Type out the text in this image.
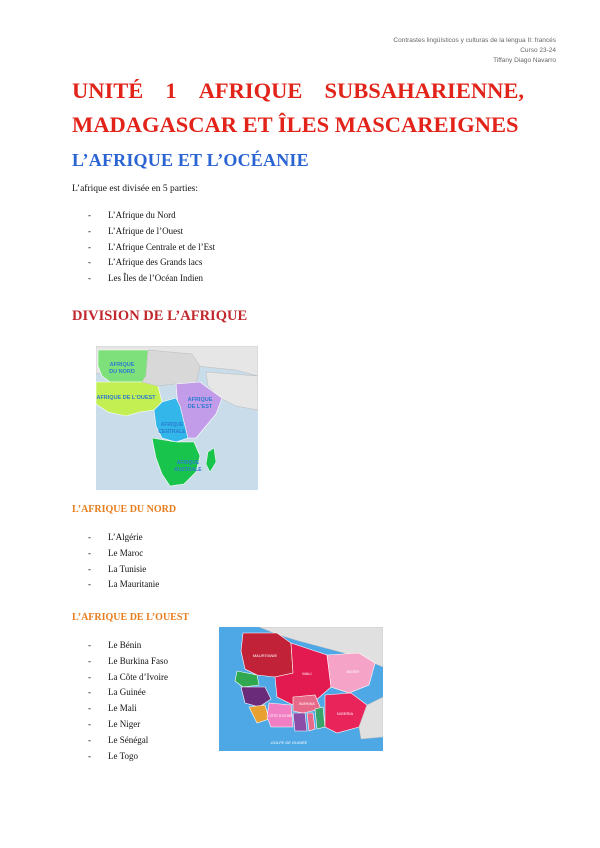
Contrastes lingüísticos y culturas de la lengua II: francés
Curso 23-24
Tiffany Diago Navarro
UNITÉ 1 AFRIQUE SUBSAHARIENNE,
MADAGASCAR ET ÎLES MASCAREIGNES
L’AFRIQUE ET L’OCÉANIE
L’afrique est divisée en 5 parties:
- L’Afrique du Nord
- L’Afrique de l’Ouest
- L’Afrique Centrale et de l’Est
- L’Afrique des Grands lacs
- Les Îles de l’Océan Indien
DIVISION DE L’AFRIQUE
AFRIQUE
DU NORD
AFRIQUE DE L'OUEST	AFRIQUE
DE L'EST
AFRIQUE
CENTRALE
AFRIQUE
AUSTRALE
L’AFRIQUE DU NORD
- L’Algérie
- Le Maroc
- La Tunisie
- La Mauritanie
L’AFRIQUE DE L’OUEST
- Le Bénin
- Le Burkina Faso
- La Côte d’Ivoire
- La Guinée
- Le Mali
- Le Niger
- Le Sénégal
- Le Togo
MAURITANIE
MALI	NIGER
NIGERIA
BURKINA
CÔTE D'IVOIRE
GOLFE DE GUINÉE
